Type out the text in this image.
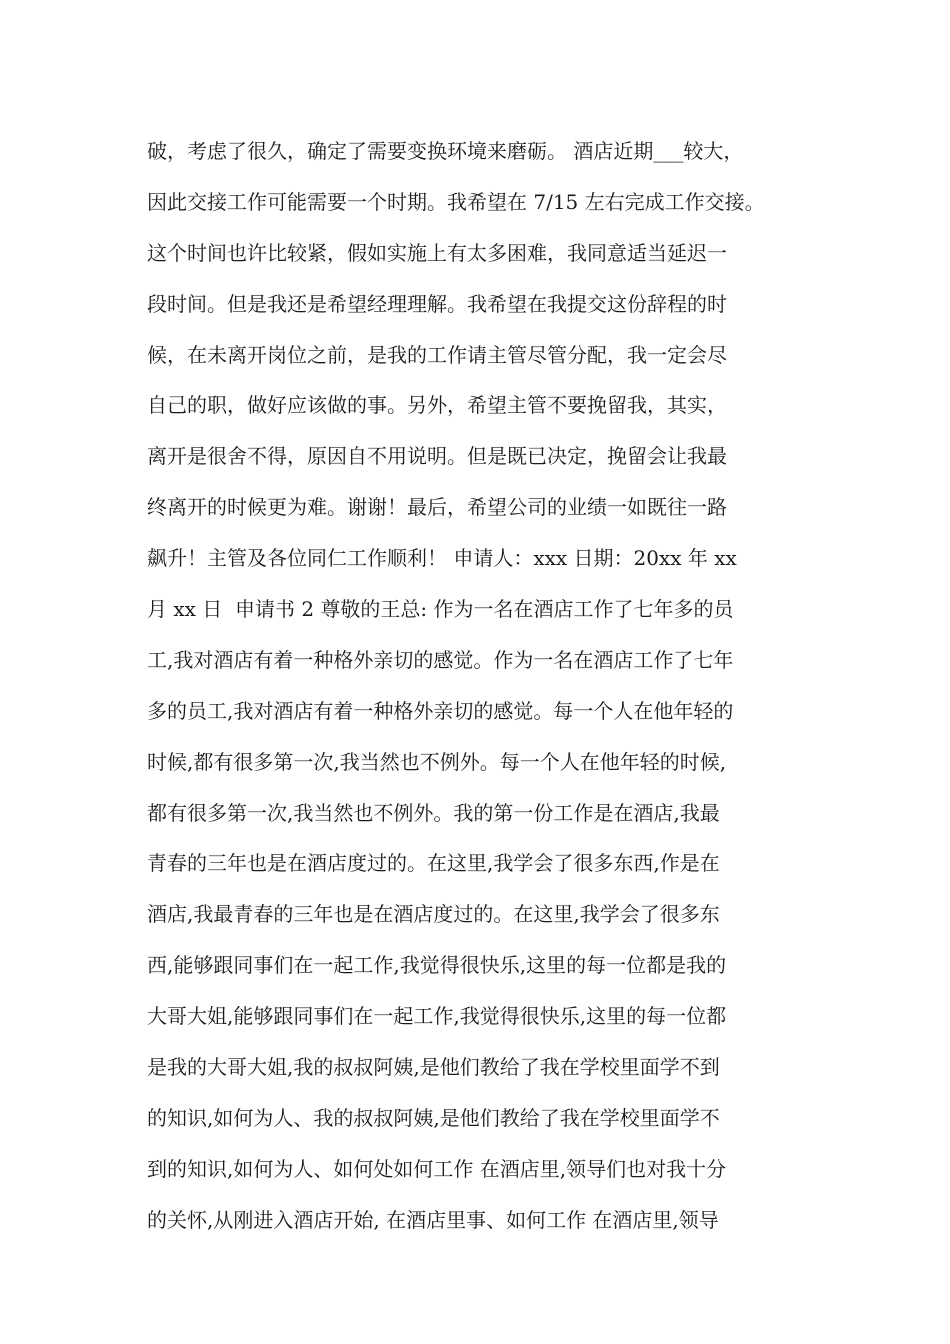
破，考虑了很久，确定了需要变换环境来磨砺。 酒店近期___较大，
因此交接工作可能需要一个时期。我希望在 7/15 左右完成工作交接。
这个时间也许比较紧，假如实施上有太多困难，我同意适当延迟一
段时间。但是我还是希望经理理解。我希望在我提交这份辞程的时
候，在未离开岗位之前，是我的工作请主管尽管分配，我一定会尽
自己的职，做好应该做的事。另外，希望主管不要挽留我，其实，
离开是很舍不得，原因自不用说明。但是既已决定，挽留会让我最
终离开的时候更为难。谢谢！最后，希望公司的业绩一如既往一路
飙升！主管及各位同仁工作顺利！ 申请人：xxx 日期：20xx 年 xx
月 xx 日  申请书 2 尊敬的王总: 作为一名在酒店工作了七年多的员
工,我对酒店有着一种格外亲切的感觉。作为一名在酒店工作了七年
多的员工,我对酒店有着一种格外亲切的感觉。每一个人在他年轻的
时候,都有很多第一次,我当然也不例外。每一个人在他年轻的时候,
都有很多第一次,我当然也不例外。我的第一份工作是在酒店,我最
青春的三年也是在酒店度过的。在这里,我学会了很多东西,作是在
酒店,我最青春的三年也是在酒店度过的。在这里,我学会了很多东
西,能够跟同事们在一起工作,我觉得很快乐,这里的每一位都是我的
大哥大姐,能够跟同事们在一起工作,我觉得很快乐,这里的每一位都
是我的大哥大姐,我的叔叔阿姨,是他们教给了我在学校里面学不到
的知识,如何为人、我的叔叔阿姨,是他们教给了我在学校里面学不
到的知识,如何为人、如何处如何工作 在酒店里,领导们也对我十分
的关怀,从刚进入酒店开始, 在酒店里事、如何工作 在酒店里,领导
